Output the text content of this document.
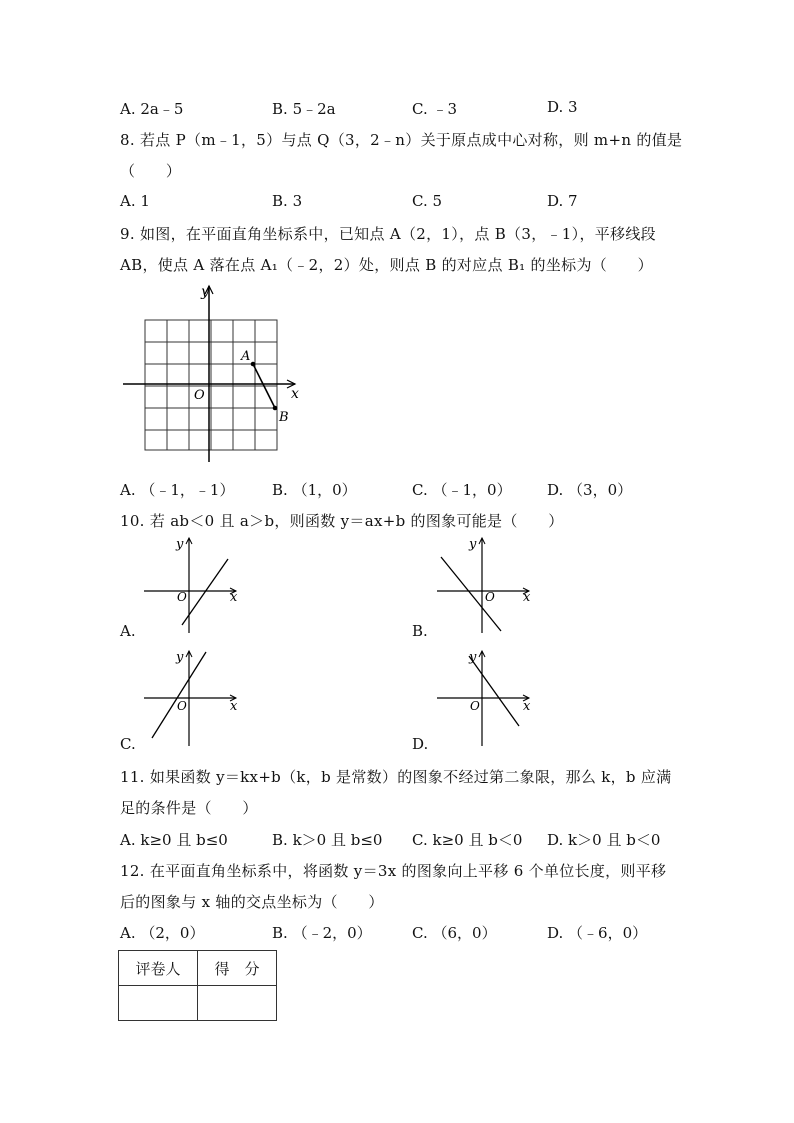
A. 2a﹣5	B. 5﹣2a	C. ﹣3	D. 3
8. 若点 P（m﹣1，5）与点 Q（3，2﹣n）关于原点成中心对称，则 m+n 的值是
（　　）
A. 1	B. 3	C. 5	D. 7
9. 如图，在平面直角坐标系中，已知点 A（2，1），点 B（3，﹣1），平移线段
AB，使点 A 落在点 A₁（﹣2，2）处，则点 B 的对应点 B₁ 的坐标为（　　）
y
x
O
A
B
A. （﹣1，﹣1）	B. （1，0）	C. （﹣1，0） D. （3，0）
10. 若 ab＜0 且 a＞b，则函数 y＝ax+b 的图象可能是（　　）
y
x
O
A.
y
x
O
B.
y
x
O
C.
y
x
O
D.
11. 如果函数 y＝kx+b（k，b 是常数）的图象不经过第二象限，那么 k，b 应满
足的条件是（　　）
A. k≥0 且 b≤0	B. k＞0 且 b≤0 C. k≥0 且 b＜0 D. k＞0 且 b＜0
12. 在平面直角坐标系中，将函数 y＝3x 的图象向上平移 6 个单位长度，则平移
后的图象与 x 轴的交点坐标为（　　）
A. （2，0）	B. （﹣2，0）	C. （6，0）	D. （﹣6，0）
评卷人	得　分
